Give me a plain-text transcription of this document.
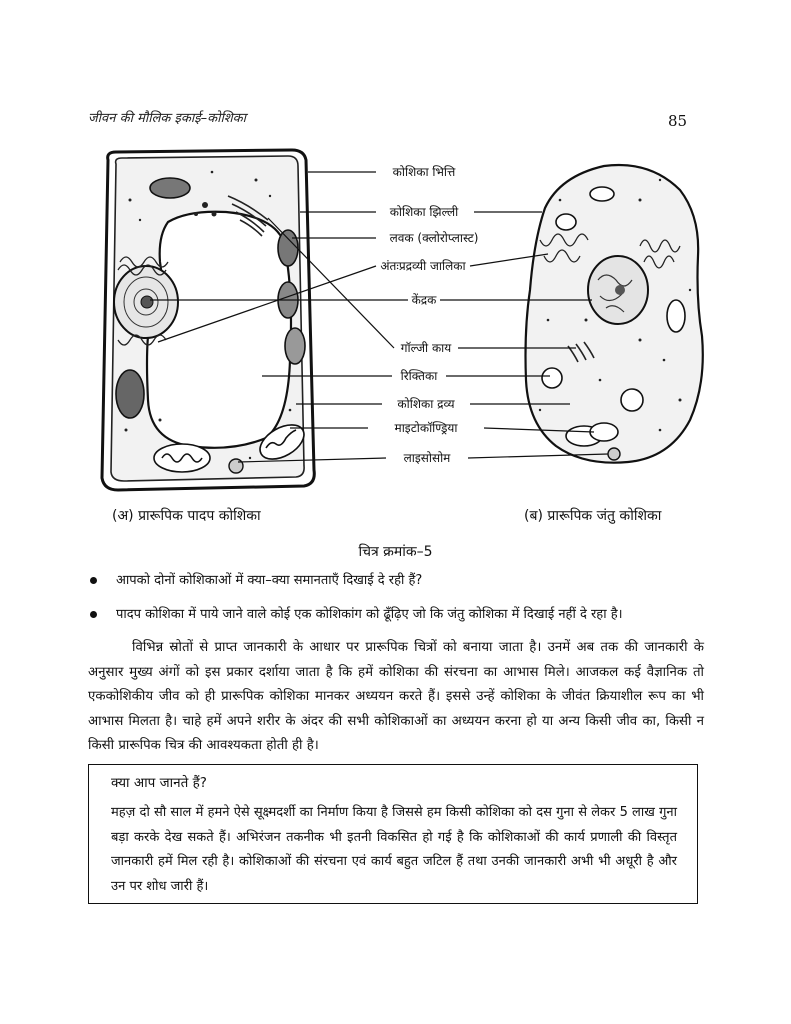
जीवन की मौलिक इकाई–कोशिका	85
कोशिका भित्ति
कोशिका झिल्ली
लवक (क्लोरोप्लास्ट)
अंतःप्रद्रव्यी जालिका
केंद्रक
गॉल्जी काय
रिक्तिका
कोशिका द्रव्य
माइटोकॉण्ड्रिया
लाइसोसोम
(अ) प्रारूपिक पादप कोशिका	(ब) प्रारूपिक जंतु कोशिका
चित्र क्रमांक–5
आपको दोनों कोशिकाओं में क्या–क्या समानताएँ दिखाई दे रही हैं?
पादप कोशिका में पाये जाने वाले कोई एक कोशिकांग को ढूँढ़िए जो कि जंतु कोशिका में दिखाई नहीं दे रहा है।

विभिन्न स्रोतों से प्राप्त जानकारी के आधार पर प्रारूपिक चित्रों को बनाया जाता है। उनमें अब तक की जानकारी के अनुसार मुख्य अंगों को इस प्रकार दर्शाया जाता है कि हमें कोशिका की संरचना का आभास मिले। आजकल कई वैज्ञानिक तो एककोशिकीय जीव को ही प्रारूपिक कोशिका मानकर अध्ययन करते हैं। इससे उन्हें कोशिका के जीवंत क्रियाशील रूप का भी आभास मिलता है। चाहे हमें अपने शरीर के अंदर की सभी कोशिकाओं का अध्ययन करना हो या अन्य किसी जीव का, किसी न किसी प्रारूपिक चित्र की आवश्यकता होती ही है।

क्या आप जानते हैं?

महज़ दो सौ साल में हमने ऐसे सूक्ष्मदर्शी का निर्माण किया है जिससे हम किसी कोशिका को दस गुना से लेकर 5 लाख गुना बड़ा करके देख सकते हैं। अभिरंजन तकनीक भी इतनी विकसित हो गई है कि कोशिकाओं की कार्य प्रणाली की विस्तृत जानकारी हमें मिल रही है। कोशिकाओं की संरचना एवं कार्य बहुत जटिल हैं तथा उनकी जानकारी अभी भी अधूरी है और उन पर शोध जारी हैं।
